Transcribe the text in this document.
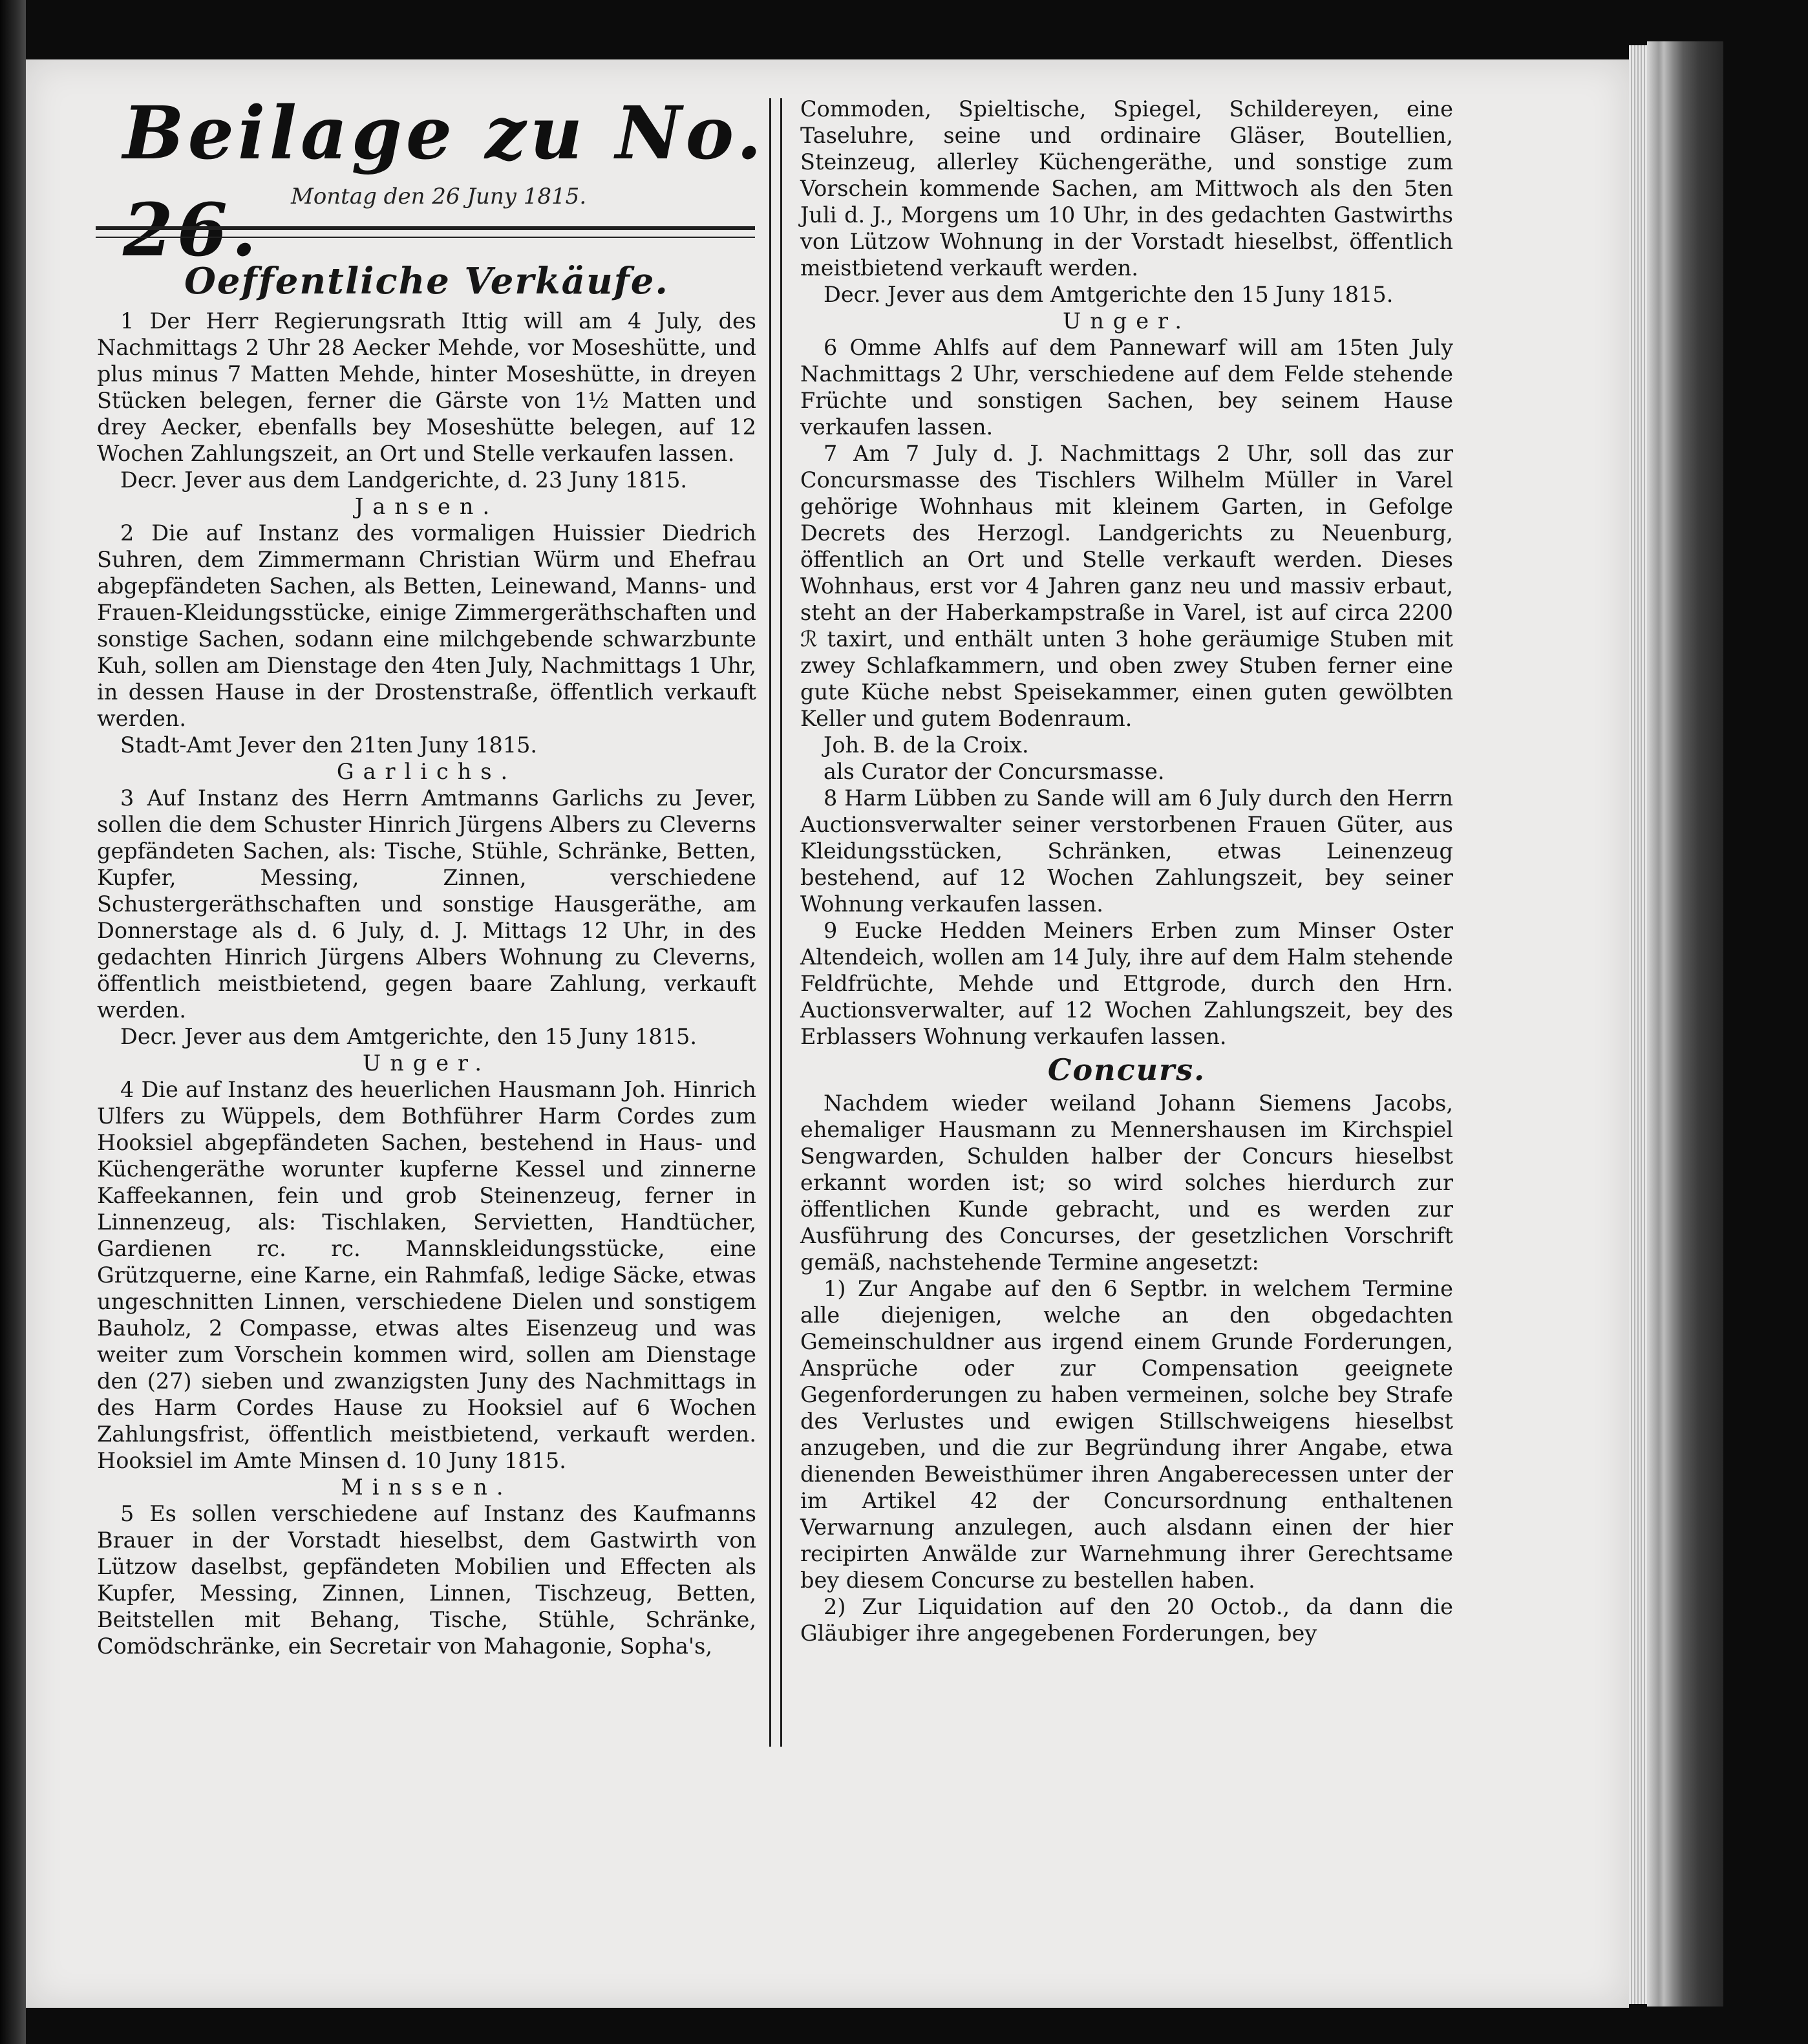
Beilage zu No. 26.	Montag den 26 Juny 1815.
Oeffentliche Verkäufe.

1 Der Herr Regierungsrath Ittig will am 4 July, des Nachmittags 2 Uhr 28 Aecker Mehde, vor Moseshütte, und plus minus 7 Matten Mehde, hinter Moseshütte, in dreyen Stücken belegen, ferner die Gärste von 1½ Matten und drey Aecker, ebenfalls bey Moseshütte belegen, auf 12 Wochen Zahlungszeit, an Ort und Stelle verkaufen lassen.

Decr. Jever aus dem Landgerichte, d. 23 Juny 1815.

Jansen.

2 Die auf Instanz des vormaligen Huissier Diedrich Suhren, dem Zimmermann Christian Würm und Ehefrau abgepfändeten Sachen, als Betten, Leinewand, Manns- und Frauen-Kleidungsstücke, einige Zimmergeräthschaften und sonstige Sachen, sodann eine milchgebende schwarzbunte Kuh, sollen am Dienstage den 4ten July, Nachmittags 1 Uhr, in dessen Hause in der Drostenstraße, öffentlich verkauft werden.

Stadt-Amt Jever den 21ten Juny 1815.

Garlichs.

3 Auf Instanz des Herrn Amtmanns Garlichs zu Jever, sollen die dem Schuster Hinrich Jürgens Albers zu Cleverns gepfändeten Sachen, als: Tische, Stühle, Schränke, Betten, Kupfer, Messing, Zinnen, verschiedene Schustergeräthschaften und sonstige Hausgeräthe, am Donnerstage als d. 6 July, d. J. Mittags 12 Uhr, in des gedachten Hinrich Jürgens Albers Wohnung zu Cleverns, öffentlich meistbietend, gegen baare Zahlung, verkauft werden.

Decr. Jever aus dem Amtgerichte, den 15 Juny 1815.

Unger.

4 Die auf Instanz des heuerlichen Hausmann Joh. Hinrich Ulfers zu Wüppels, dem Bothführer Harm Cordes zum Hooksiel abgepfändeten Sachen, bestehend in Haus- und Küchengeräthe worunter kupferne Kessel und zinnerne Kaffeekannen, fein und grob Steinenzeug, ferner in Linnenzeug, als: Tischlaken, Servietten, Handtücher, Gardienen rc. rc. Mannskleidungsstücke, eine Grützquerne, eine Karne, ein Rahmfaß, ledige Säcke, etwas ungeschnitten Linnen, verschiedene Dielen und sonstigem Bauholz, 2 Compasse, etwas altes Eisenzeug und was weiter zum Vorschein kommen wird, sollen am Dienstage den (27) sieben und zwanzigsten Juny des Nachmittags in des Harm Cordes Hause zu Hooksiel auf 6 Wochen Zahlungsfrist, öffentlich meistbietend, verkauft werden. Hooksiel im Amte Minsen d. 10 Juny 1815.

Minssen.

5 Es sollen verschiedene auf Instanz des Kaufmanns Brauer in der Vorstadt hieselbst, dem Gastwirth von Lützow daselbst, gepfändeten Mobilien und Effecten als Kupfer, Messing, Zinnen, Linnen, Tischzeug, Betten, Beitstellen mit Behang, Tische, Stühle, Schränke, Comödschränke, ein Secretair von Mahagonie, Sopha's,

Commoden, Spieltische, Spiegel, Schildereyen, eine Taseluhre, seine und ordinaire Gläser, Boutellien, Steinzeug, allerley Küchengeräthe, und sonstige zum Vorschein kommende Sachen, am Mittwoch als den 5ten Juli d. J., Morgens um 10 Uhr, in des gedachten Gastwirths von Lützow Wohnung in der Vorstadt hieselbst, öffentlich meistbietend verkauft werden.

Decr. Jever aus dem Amtgerichte den 15 Juny 1815.

Unger.

6 Omme Ahlfs auf dem Pannewarf will am 15ten July Nachmittags 2 Uhr, verschiedene auf dem Felde stehende Früchte und sonstigen Sachen, bey seinem Hause verkaufen lassen.

7 Am 7 July d. J. Nachmittags 2 Uhr, soll das zur Concursmasse des Tischlers Wilhelm Müller in Varel gehörige Wohnhaus mit kleinem Garten, in Gefolge Decrets des Herzogl. Landgerichts zu Neuenburg, öffentlich an Ort und Stelle verkauft werden. Dieses Wohnhaus, erst vor 4 Jahren ganz neu und massiv erbaut, steht an der Haberkampstraße in Varel, ist auf circa 2200 ℛ taxirt, und enthält unten 3 hohe geräumige Stuben mit zwey Schlafkammern, und oben zwey Stuben ferner eine gute Küche nebst Speisekammer, einen guten gewölbten Keller und gutem Bodenraum.

Joh. B. de la Croix.

als Curator der Concursmasse.

8 Harm Lübben zu Sande will am 6 July durch den Herrn Auctionsverwalter seiner verstorbenen Frauen Güter, aus Kleidungsstücken, Schränken, etwas Leinenzeug bestehend, auf 12 Wochen Zahlungszeit, bey seiner Wohnung verkaufen lassen.

9 Eucke Hedden Meiners Erben zum Minser Oster Altendeich, wollen am 14 July, ihre auf dem Halm stehende Feldfrüchte, Mehde und Ettgrode, durch den Hrn. Auctionsverwalter, auf 12 Wochen Zahlungszeit, bey des Erblassers Wohnung verkaufen lassen.

Concurs.

Nachdem wieder weiland Johann Siemens Jacobs, ehemaliger Hausmann zu Mennershausen im Kirchspiel Sengwarden, Schulden halber der Concurs hieselbst erkannt worden ist; so wird solches hierdurch zur öffentlichen Kunde gebracht, und es werden zur Ausführung des Concurses, der gesetzlichen Vorschrift gemäß, nachstehende Termine angesetzt:

1) Zur Angabe auf den 6 Septbr. in welchem Termine alle diejenigen, welche an den obgedachten Gemeinschuldner aus irgend einem Grunde Forderungen, Ansprüche oder zur Compensation geeignete Gegenforderungen zu haben vermeinen, solche bey Strafe des Verlustes und ewigen Stillschweigens hieselbst anzugeben, und die zur Begründung ihrer Angabe, etwa dienenden Beweisthümer ihren Angaberecessen unter der im Artikel 42 der Concursordnung enthaltenen Verwarnung anzulegen, auch alsdann einen der hier recipirten Anwälde zur Warnehmung ihrer Gerechtsame bey diesem Concurse zu bestellen haben.

2) Zur Liquidation auf den 20 Octob., da dann die Gläubiger ihre angegebenen Forderungen, bey
